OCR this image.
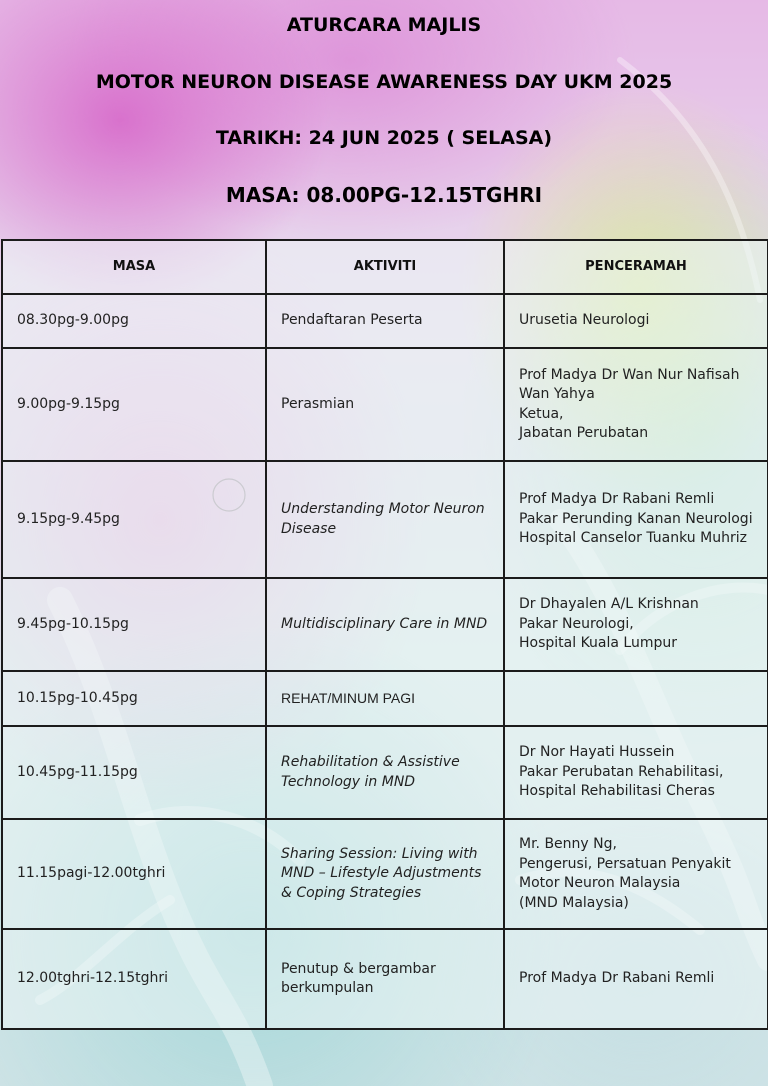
ATURCARA MAJLIS
MOTOR NEURON DISEASE AWARENESS DAY UKM 2025
TARIKH: 24 JUN 2025 ( SELASA)
MASA: 08.00PG-12.15TGHRI
MASA	AKTIVITI	PENCERAMAH
08.30pg-9.00pg	Pendaftaran Peserta	Urusetia Neurologi

9.00pg-9.15pg	Perasmian	Prof Madya Dr Wan Nur Nafisah Wan Yahya
Ketua,
Jabatan Perubatan

9.15pg-9.45pg	Understanding Motor Neuron Disease	Prof Madya Dr Rabani Remli
Pakar Perunding Kanan Neurologi
Hospital Canselor Tuanku Muhriz

9.45pg-10.15pg	Multidisciplinary Care in MND	Dr Dhayalen A/L Krishnan
Pakar Neurologi,
Hospital Kuala Lumpur

10.15pg-10.45pg	REHAT/MINUM PAGI	
10.45pg-11.15pg	Rehabilitation & Assistive Technology in MND	Dr Nor Hayati Hussein
Pakar Perubatan Rehabilitasi,
Hospital Rehabilitasi Cheras

11.15pagi-12.00tghri	Sharing Session: Living with MND – Lifestyle Adjustments & Coping Strategies	Mr. Benny Ng,
Pengerusi, Persatuan Penyakit Motor Neuron Malaysia
(MND Malaysia)

12.00tghri-12.15tghri	Penutup & bergambar berkumpulan	Prof Madya Dr Rabani Remli
